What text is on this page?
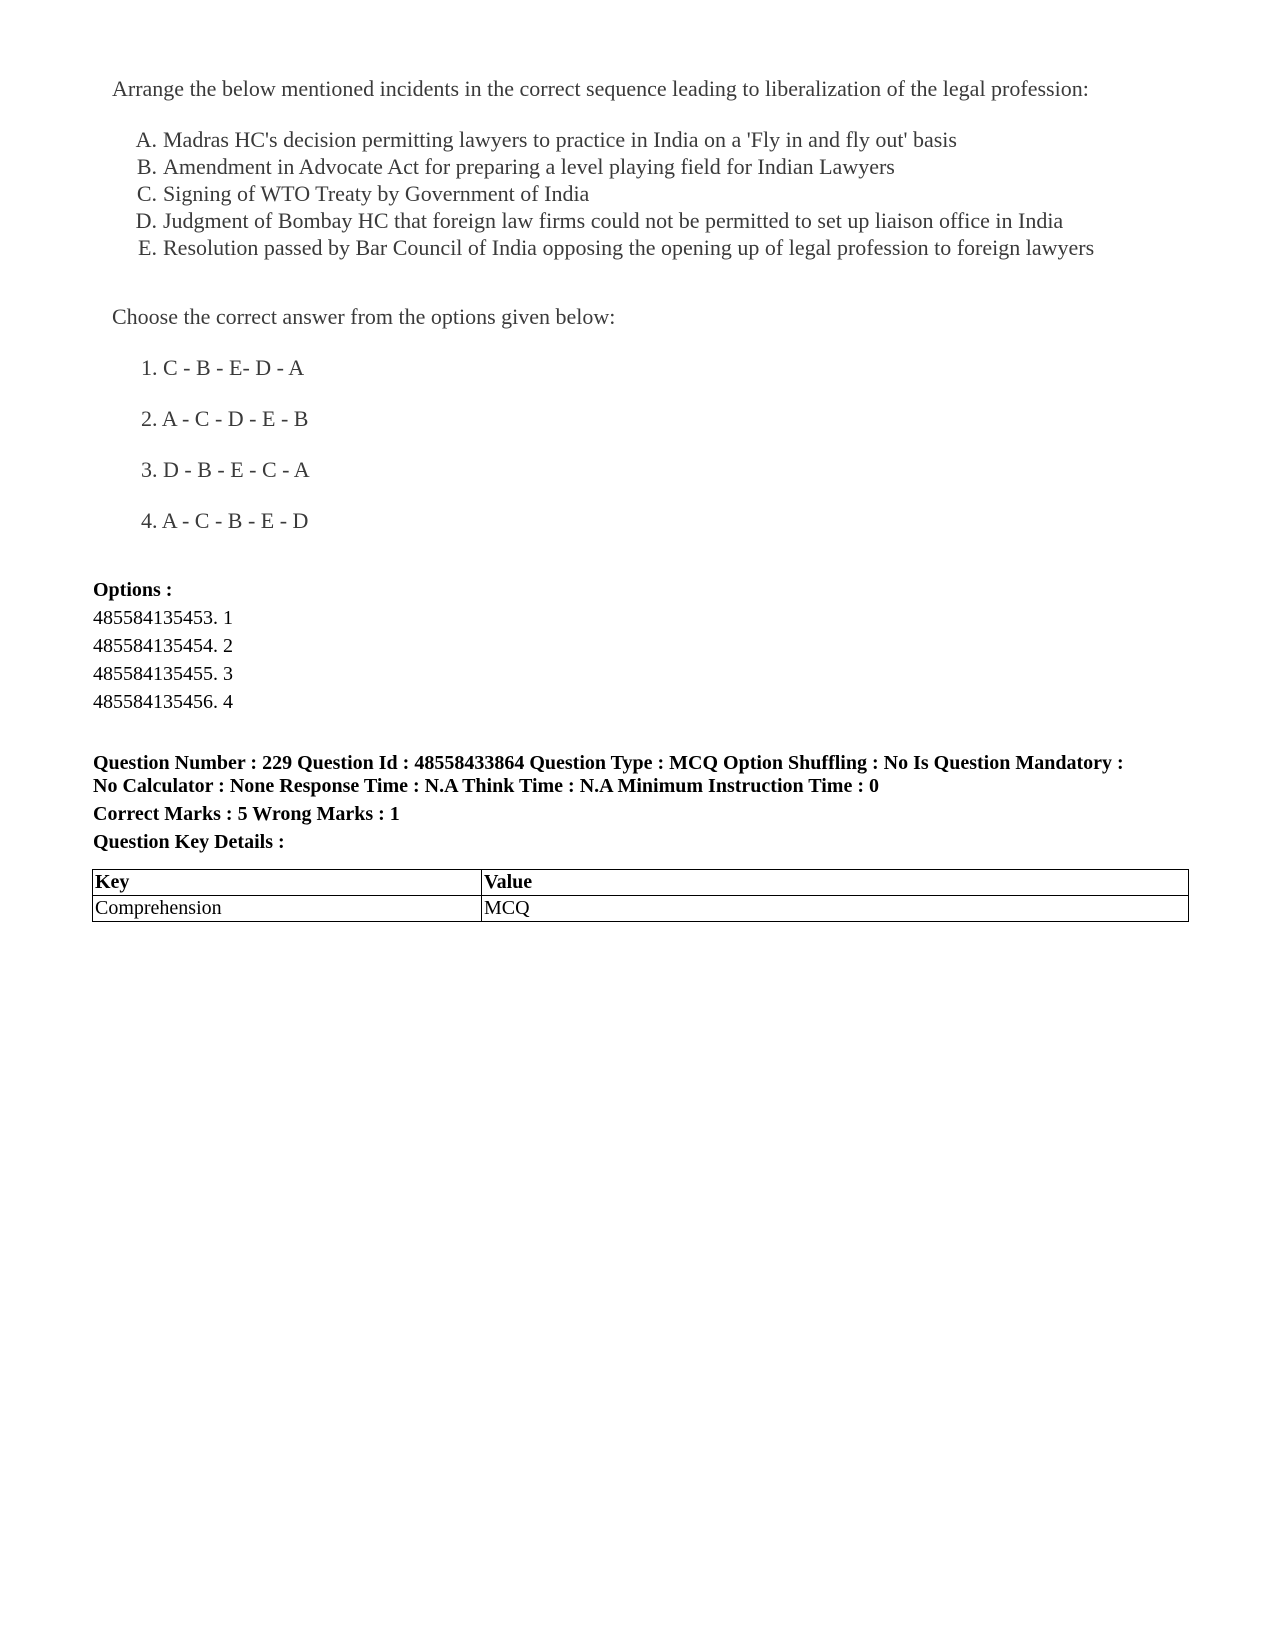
Arrange the below mentioned incidents in the correct sequence leading to liberalization of the legal profession:
A. Madras HC's decision permitting lawyers to practice in India on a 'Fly in and fly out' basis
B. Amendment in Advocate Act for preparing a level playing field for Indian Lawyers
C. Signing of WTO Treaty by Government of India
D. Judgment of Bombay HC that foreign law firms could not be permitted to set up liaison office in India
E. Resolution passed by Bar Council of India opposing the opening up of legal profession to foreign lawyers
Choose the correct answer from the options given below:
1. C - B - E- D - A
2. A - C - D - E - B
3. D - B - E - C - A
4. A - C - B - E - D
Options :
485584135453. 1
485584135454. 2
485584135455. 3
485584135456. 4
Question Number : 229 Question Id : 48558433864 Question Type : MCQ Option Shuffling : No Is Question Mandatory :
No Calculator : None Response Time : N.A Think Time : N.A Minimum Instruction Time : 0
Correct Marks : 5 Wrong Marks : 1
Question Key Details :
Key	Value
Comprehension	MCQ
